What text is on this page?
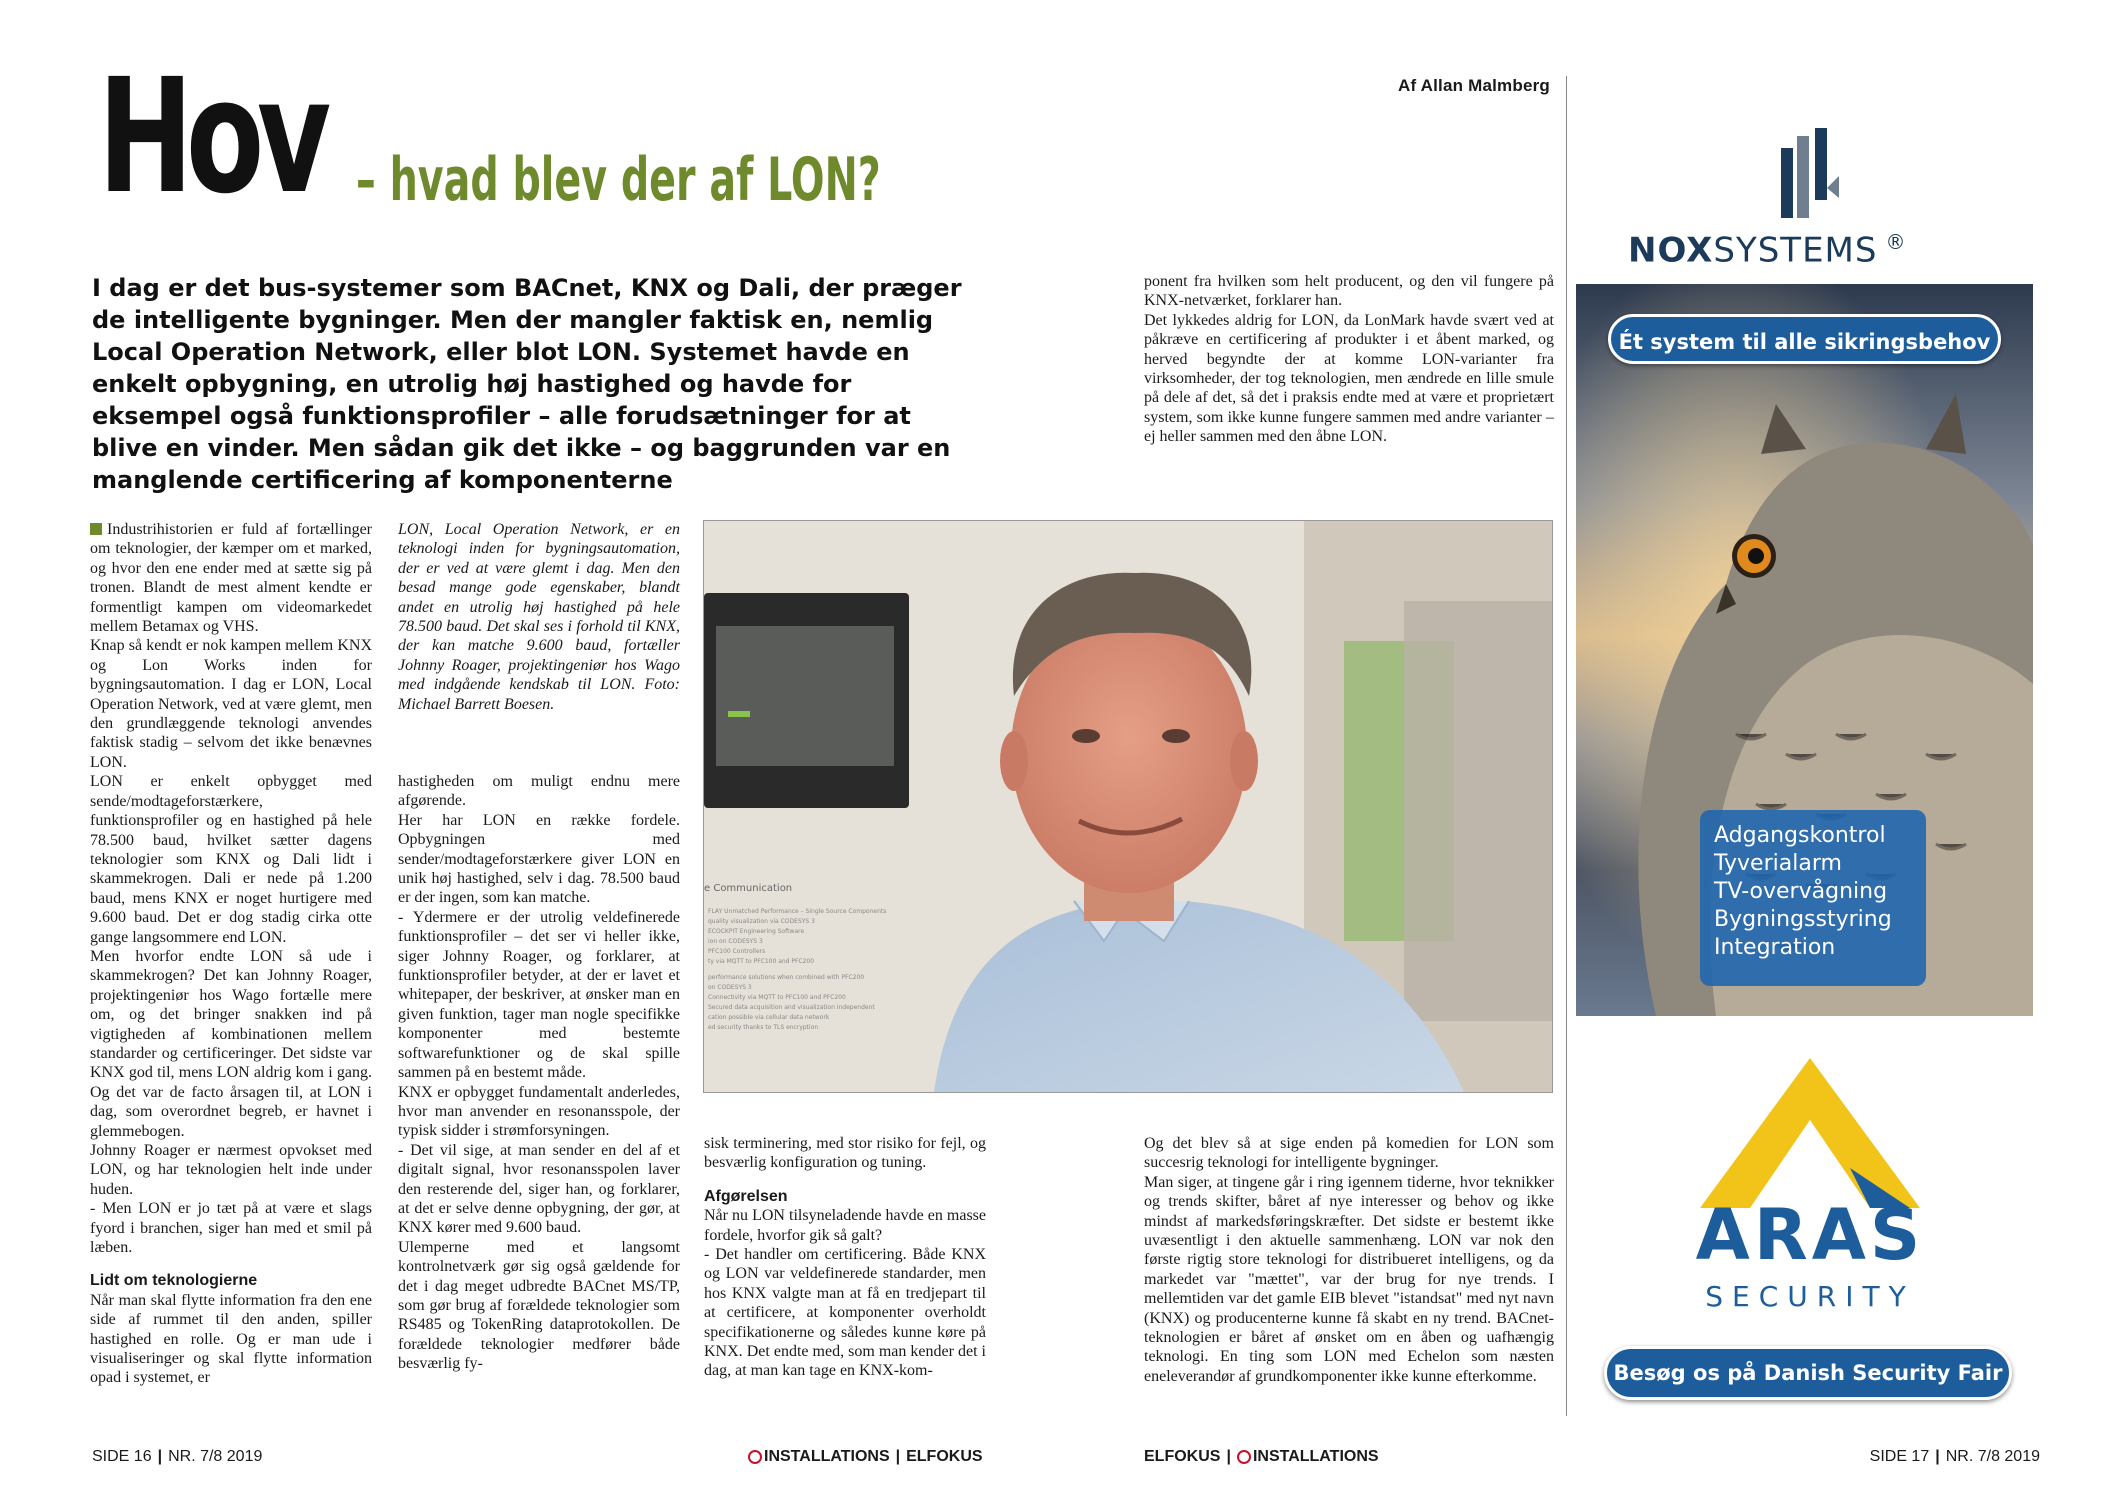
Af Allan Malmberg
Hov – hvad blev der af LON?
I dag er det bus-systemer som BACnet, KNX og Dali, der præger de intelligente bygninger. Men der mangler faktisk en, nemlig Local Operation Network, eller blot LON. Systemet havde en enkelt opbygning, en utrolig høj hastighed og havde for eksempel også funktionsprofiler – alle forudsætninger for at blive en vinder. Men sådan gik det ikke – og baggrunden var en manglende certificering af komponenterne

Industrihistorien er fuld af fortællinger om teknologier, der kæmper om et marked, og hvor den ene ender med at sætte sig på tronen. Blandt de mest alment kendte er formentligt kampen om videomarkedet mellem Betamax og VHS.

Knap så kendt er nok kampen mellem KNX og Lon Works inden for bygningsautomation. I dag er LON, Local Operation Network, ved at være glemt, men den grundlæggende teknologi anvendes faktisk stadig – selvom det ikke benævnes LON.

LON er enkelt opbygget med sende/modtageforstærkere, funktionsprofiler og en hastighed på hele 78.500 baud, hvilket sætter dagens teknologier som KNX og Dali lidt i skammekrogen. Dali er nede på 1.200 baud, mens KNX er noget hurtigere med 9.600 baud. Det er dog stadig cirka otte gange langsommere end LON.

Men hvorfor endte LON så ude i skammekrogen? Det kan Johnny Roager, projektingeniør hos Wago fortælle mere om, og det bringer snakken ind på vigtigheden af kombinationen mellem standarder og certificeringer. Det sidste var KNX god til, mens LON aldrig kom i gang. Og det var de facto årsagen til, at LON i dag, som overordnet begreb, er havnet i glemmebogen.

Johnny Roager er nærmest opvokset med LON, og har teknologien helt inde under huden.

- Men LON er jo tæt på at være et slags fyord i branchen, siger han med et smil på læben.

Lidt om teknologierne

Når man skal flytte information fra den ene side af rummet til den anden, spiller hastighed en rolle. Og er man ude i visualiseringer og skal flytte information opad i systemet, er

LON, Local Operation Network, er en teknologi inden for bygningsautomation, der er ved at være glemt i dag. Men den besad mange gode egenskaber, blandt andet en utrolig høj hastighed på hele 78.500 baud. Det skal ses i forhold til KNX, der kan matche 9.600 baud, fortæller Johnny Roager, projektingeniør hos Wago med indgående kendskab til LON. Foto: Michael Barrett Boesen.

hastigheden om muligt endnu mere afgørende.

Her har LON en række fordele. Opbygningen med sender/modtageforstærkere giver LON en unik høj hastighed, selv i dag. 78.500 baud er der ingen, som kan matche.

- Ydermere er der utrolig veldefinerede funktionsprofiler – det ser vi heller ikke, siger Johnny Roager, og forklarer, at funktionsprofiler betyder, at der er lavet et whitepaper, der beskriver, at ønsker man en given funktion, tager man nogle specifikke komponenter med bestemte softwarefunktioner og de skal spille sammen på en bestemt måde.

KNX er opbygget fundamentalt anderledes, hvor man anvender en resonansspole, der typisk sidder i strømforsyningen.

- Det vil sige, at man sender en del af et digitalt signal, hvor resonansspolen laver den resterende del, siger han, og forklarer, at det er selve denne opbygning, der gør, at KNX kører med 9.600 baud.

Ulemperne med et langsomt kontrolnetværk gør sig også gældende for det i dag meget udbredte BACnet MS/TP, som gør brug af forældede teknologier som RS485 og TokenRing dataprotokollen. De forældede teknologier medfører både besværlig fy-

e Communication
FLAY Unmatched Performance – Single Source Components
quality visualization via CODESYS 3
ECOCKPIT Engineering Software
ion on CODESYS 3
PFC100 Controllers
ty via MQTT to PFC100 and PFC200
performance solutions when combined with PFC200
on CODESYS 3
Connectivity via MQTT to PFC100 and PFC200
Secured data acquisition and visualization independent
cation possible via cellular data network
ed security thanks to TLS encryption

sisk terminering, med stor risiko for fejl, og besværlig konfiguration og tuning.

Afgørelsen

Når nu LON tilsyneladende havde en masse fordele, hvorfor gik så galt?

- Det handler om certificering. Både KNX og LON var veldefinerede standarder, men hos KNX valgte man at få en tredjepart til at certificere, at komponenter overholdt specifikationerne og således kunne køre på KNX. Det endte med, som man kender det i dag, at man kan tage en KNX-kom-

ponent fra hvilken som helt producent, og den vil fungere på KNX-netværket, forklarer han.

Det lykkedes aldrig for LON, da LonMark havde svært ved at påkræve en certificering af produkter i et åbent marked, og herved begyndte der at komme LON-varianter fra virksomheder, der tog teknologien, men ændrede en lille smule på dele af det, så det i praksis endte med at være et proprietært system, som ikke kunne fungere sammen med andre varianter – ej heller sammen med den åbne LON.

Og det blev så at sige enden på komedien for LON som succesrig teknologi for intelligente bygninger.

Man siger, at tingene går i ring igennem tiderne, hvor teknikker og trends skifter, båret af nye interesser og behov og ikke mindst af markedsføringskræfter. Det sidste er bestemt ikke uvæsentligt i den aktuelle sammenhæng. LON var nok den første rigtig store teknologi for distribueret intelligens, og da markedet var "mættet", var der brug for nye trends. I mellemtiden var det gamle EIB blevet "istandsat" med nyt navn (KNX) og producenterne kunne få skabt en ny trend. BACnet-teknologien er båret af ønsket om en åben og uafhængig teknologi. En ting som LON med Echelon som næsten eneleverandør af grundkomponenter ikke kunne efterkomme.

SIDE 16 | NR. 7/8 2019	INSTALLATIONS | ELFOKUS	ELFOKUS | INSTALLATIONS	SIDE 17 | NR. 7/8 2019
NOXSYSTEMS ®
Ét system til alle sikringsbehov
Adgangskontrol
Tyverialarm
TV-overvågning
Bygningsstyring
Integration
ARAS
SECURITY
Besøg os på Danish Security Fair
